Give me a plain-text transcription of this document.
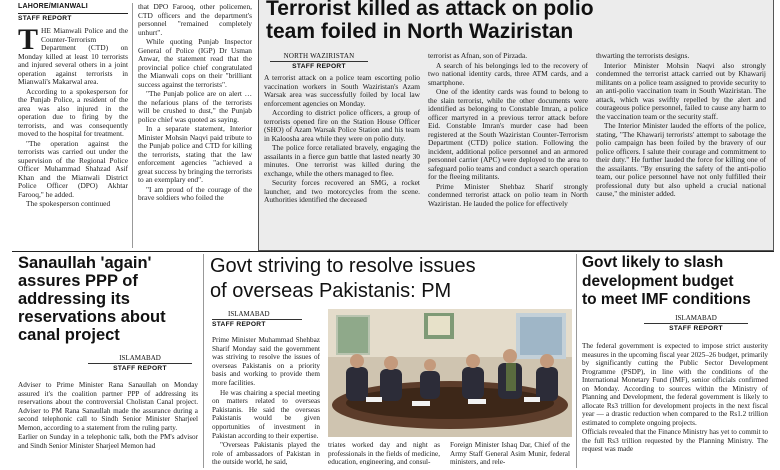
LAHORE/MIANWALI
STAFF REPORT

THE Mianwali Police and the Counter-Terrorism Department (CTD) on Monday killed at least 10 terrorists and injured several others in a joint operation against terrorists in Mianwali's Makarwal area.

According to a spokesperson for the Punjab Police, a resident of the area was also injured in the operation due to firing by the terrorists, and was consequently moved to the hospital for treatment.

"The operation against the terrorists was carried out under the supervision of the Regional Police Officer Muhammad Shahzad Asif Khan and the Mianwali District Police Officer (DPO) Akhtar Farooq," he added.

The spokesperson continued

that DPO Farooq, other policemen, CTD officers and the department's personnel "remained completely unhurt".

While quoting Punjab Inspector General of Police (IGP) Dr Usman Anwar, the statement read that the provincial police chief congratulated the Mianwali cops on their "brilliant success against the terrorists".

"The Punjab police are on alert … the nefarious plans of the terrorists will be crushed to dust," the Punjab police chief was quoted as saying.

In a separate statement, Interior Minister Mohsin Naqvi paid tribute to the Punjab police and CTD for killing the terrorists, stating that the law enforcement agencies "achieved a great success by bringing the terrorists to an exemplary end".

"I am proud of the courage of the brave soldiers who foiled the

Terrorist killed as attack on polio
team foiled in North Waziristan
NORTH WAZIRISTAN
STAFF REPORT

A terrorist attack on a police team escorting polio vaccination workers in South Waziristan's Azam Warsak area was successfully foiled by local law enforcement agencies on Monday.

According to district police officers, a group of terrorists opened fire on the Station House Officer (SHO) of Azam Warsak Police Station and his team in Kaloosha area while they were on polio duty.

The police force retaliated bravely, engaging the assailants in a fierce gun battle that lasted nearly 30 minutes. One terrorist was killed during the exchange, while the others managed to flee.

Security forces recovered an SMG, a rocket launcher, and two motorcycles from the scene. Authorities identified the deceased

terrorist as Afnan, son of Pirzada.

A search of his belongings led to the recovery of two national identity cards, three ATM cards, and a smartphone.

One of the identity cards was found to belong to the slain terrorist, while the other documents were identified as belonging to Constable Imran, a police officer martyred in a previous terror attack before Eid. Constable Imran's murder case had been registered at the South Waziristan Counter-Terrorism Department (CTD) police station. Following the incident, additional police personnel and an armored personnel carrier (APC) were deployed to the area to safeguard polio teams and conduct a search operation for the fleeing militants.

Prime Minister Shehbaz Sharif strongly condemned terrorist attack on polio team in North Waziristan. He lauded the police for effectively

thwarting the terrorists designs.

Interior Minister Mohsin Naqvi also strongly condemned the terrorist attack carried out by Khawarij militants on a police team assigned to provide security to an anti-polio vaccination team in South Waziristan. The attack, which was swiftly repelled by the alert and courageous police personnel, failed to cause any harm to the vaccination team or the security staff.

The Interior Minister lauded the efforts of the police, stating, "The Khawarij terrorists' attempt to sabotage the polio campaign has been foiled by the bravery of our police officers. I salute their courage and commitment to their duty." He further lauded the force for killing one of the assailants. "By ensuring the safety of the anti-polio team, our police personnel have not only fulfilled their professional duty but also upheld a crucial national cause," the minister added.

Sanaullah 'again'
assures PPP of
addressing its
reservations about
canal project
ISLAMABAD
STAFF REPORT

Adviser to Prime Minister Rana Sanaullah on Monday assured it's the coalition partner PPP of addressing its reservations about the controversial Cholistan Canal project. Adviser to PM Rana Sanaullah made the assurance during a second telephonic call to Sindh Senior Minister Sharjeel Memon, according to a statement from the ruling party.

Earlier on Sunday in a telephonic talk, both the PM's advisor and Sindh Senior Minister Sharjeel Memon had

Govt striving to resolve issues
of overseas Pakistanis: PM
ISLAMABAD
STAFF REPORT

Prime Minister Muhammad Shehbaz Sharif Monday said the government was striving to resolve the issues of overseas Pakistanis on a priority basis and working to provide them more facilities.

He was chairing a special meeting on matters related to overseas Pakistanis. He said the overseas Pakistanis would be given opportunities of investment in Pakistan according to their expertise.

"Overseas Pakistanis played the role of ambassadors of Pakistan in the outside world, he said,

triates worked day and night as professionals in the fields of medicine, education, engineering, and consul-

Foreign Minister Ishaq Dar, Chief of the Army Staff General Asim Munir, federal ministers, and rele-

Govt likely to slash
development budget
to meet IMF conditions
ISLAMABAD
STAFF REPORT

The federal government is expected to impose strict austerity measures in the upcoming fiscal year 2025–26 budget, primarily by significantly cutting the Public Sector Development Programme (PSDP), in line with the conditions of the International Monetary Fund (IMF), senior officials confirmed on Monday. According to sources within the Ministry of Planning and Development, the federal government is likely to allocate Rs3 trillion for development projects in the next fiscal year — a drastic reduction when compared to the Rs1.2 trillion estimated to complete ongoing projects.

Officials revealed that the Finance Ministry has yet to commit to the full Rs3 trillion requested by the Planning Ministry. The request was made
